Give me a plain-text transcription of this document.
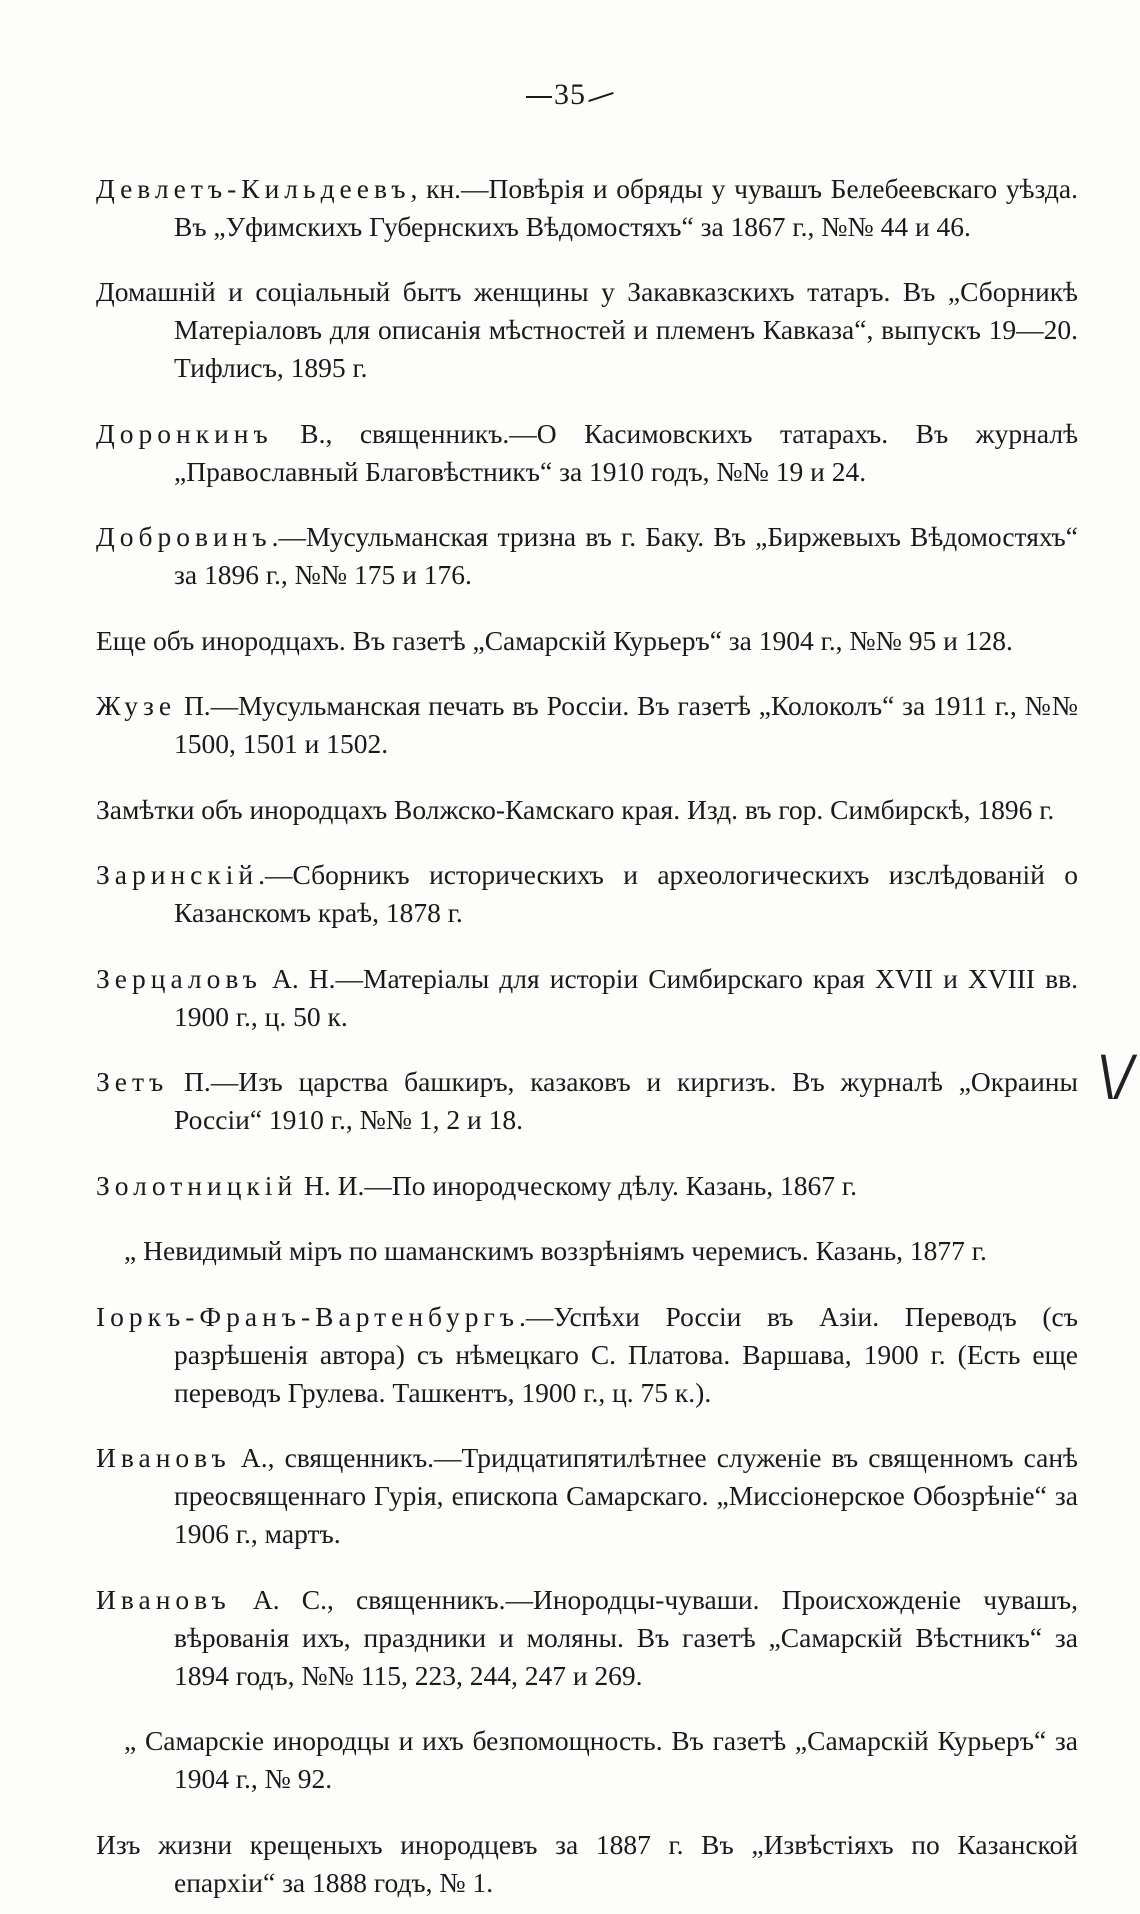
35

Девлетъ-Кильдеевъ, кн.—Повѣрія и обряды у чувашъ Белебеевскаго уѣзда. Въ „Уфимскихъ Губернскихъ Вѣдомостяхъ“ за 1867 г., №№ 44 и 46.

Домашній и соціальный бытъ женщины у Закавказскихъ татаръ. Въ „Сборникѣ Матеріаловъ для описанія мѣстностей и племенъ Кавказа“, выпускъ 19—20. Тифлисъ, 1895 г.

Доронкинъ В., священникъ.—О Касимовскихъ татарахъ. Въ журналѣ „Православный Благовѣстникъ“ за 1910 годъ, №№ 19 и 24.

Добровинъ.—Мусульманская тризна въ г. Баку. Въ „Биржевыхъ Вѣдомостяхъ“ за 1896 г., №№ 175 и 176.

Еще объ инородцахъ. Въ газетѣ „Самарскій Курьеръ“ за 1904 г., №№ 95 и 128.

Жузе П.—Мусульманская печать въ Россіи. Въ газетѣ „Колоколъ“ за 1911 г., №№ 1500, 1501 и 1502.

Замѣтки объ инородцахъ Волжско-Камскаго края. Изд. въ гор. Симбирскѣ, 1896 г.

Заринскій.—Сборникъ историческихъ и археологическихъ изслѣдованій о Казанскомъ краѣ, 1878 г.

Зерцаловъ А. Н.—Матеріалы для исторіи Симбирскаго края XVII и XVIII вв. 1900 г., ц. 50 к.

Зетъ П.—Изъ царства башкиръ, казаковъ и киргизъ. Въ журналѣ „Окраины Россіи“ 1910 г., №№ 1, 2 и 18.

Золотницкій Н. И.—По инородческому дѣлу. Казань, 1867 г.

„ Невидимый міръ по шаманскимъ воззрѣніямъ черемисъ. Казань, 1877 г.

Іоркъ-Франъ-Вартенбургъ.—Успѣхи Россіи въ Азіи. Переводъ (съ разрѣшенія автора) съ нѣмецкаго С. Платова. Варшава, 1900 г. (Есть еще переводъ Грулева. Ташкентъ, 1900 г., ц. 75 к.).

Ивановъ А., священникъ.—Тридцатипятилѣтнее служеніе въ священномъ санѣ преосвященнаго Гурія, епископа Самарскаго. „Миссіонерское Обозрѣніе“ за 1906 г., мартъ.

Ивановъ А. С., священникъ.—Инородцы-чуваши. Происхожденіе чувашъ, вѣрованія ихъ, праздники и моляны. Въ газетѣ „Самарскій Вѣстникъ“ за 1894 годъ, №№ 115, 223, 244, 247 и 269.

„ Самарскіе инородцы и ихъ безпомощность. Въ газетѣ „Самарскій Курьеръ“ за 1904 г., № 92.

Изъ жизни крещеныхъ инородцевъ за 1887 г. Въ „Извѣстіяхъ по Казанской епархіи“ за 1888 годъ, № 1.

\/
